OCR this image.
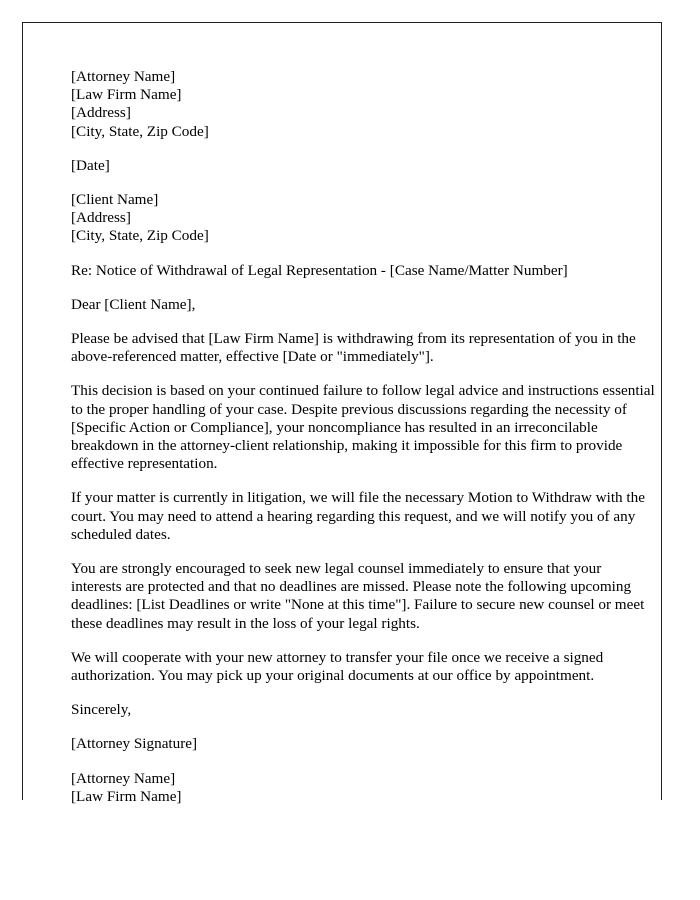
[Attorney Name]
[Law Firm Name]
[Address]
[City, State, Zip Code]
[Date]
[Client Name]
[Address]
[City, State, Zip Code]

Re: Notice of Withdrawal of Legal Representation - [Case Name/Matter Number]

Dear [Client Name],

Please be advised that [Law Firm Name] is withdrawing from its representation of you in the above-referenced matter, effective [Date or "immediately"].

This decision is based on your continued failure to follow legal advice and instructions essential to the proper handling of your case. Despite previous discussions regarding the necessity of [Specific Action or Compliance], your noncompliance has resulted in an irreconcilable breakdown in the attorney-client relationship, making it impossible for this firm to provide effective representation.

If your matter is currently in litigation, we will file the necessary Motion to Withdraw with the court. You may need to attend a hearing regarding this request, and we will notify you of any scheduled dates.

You are strongly encouraged to seek new legal counsel immediately to ensure that your interests are protected and that no deadlines are missed. Please note the following upcoming deadlines: [List Deadlines or write "None at this time"]. Failure to secure new counsel or meet these deadlines may result in the loss of your legal rights.

We will cooperate with your new attorney to transfer your file once we receive a signed authorization. You may pick up your original documents at our office by appointment.

Sincerely,

[Attorney Signature]

[Attorney Name]
[Law Firm Name]
